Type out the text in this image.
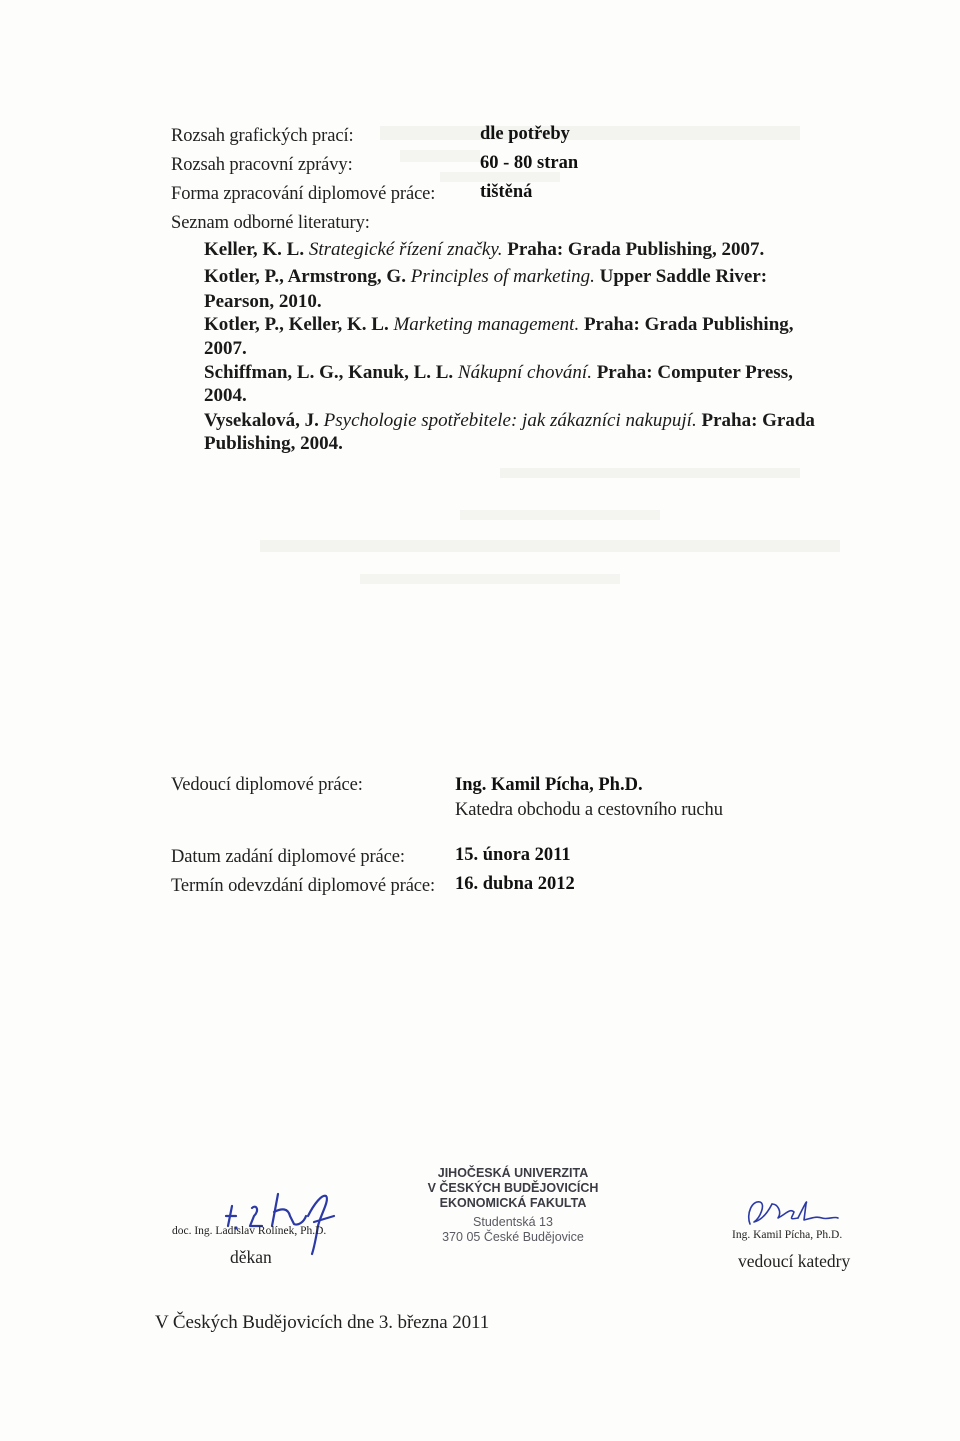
Rozsah grafických prací:	dle potřeby
Rozsah pracovní zprávy:	60 - 80 stran
Forma zpracování diplomové práce: tištěná
Seznam odborné literatury:
Keller, K. L. Strategické řízení značky. Praha: Grada Publishing, 2007.
Kotler, P., Armstrong, G. Principles of marketing. Upper Saddle River:
Pearson, 2010.
Kotler, P., Keller, K. L. Marketing management. Praha: Grada Publishing,
2007.
Schiffman, L. G., Kanuk, L. L. Nákupní chování. Praha: Computer Press,
2004.
Vysekalová, J. Psychologie spotřebitele: jak zákazníci nakupují. Praha: Grada
Publishing, 2004.
Vedoucí diplomové práce:	Ing. Kamil Pícha, Ph.D.
Katedra obchodu a cestovního ruchu
Datum zadání diplomové práce:	15. února 2011
Termín odevzdání diplomové práce: 16. dubna 2012
doc. Ing. Ladislav Rolínek, Ph.D.
děkan
JIHOČESKÁ UNIVERZITA
V ČESKÝCH BUDĚJOVICÍCH
EKONOMICKÁ FAKULTA
Studentská 13
370 05 České Budějovice	Ing. Kamil Pícha, Ph.D.
vedoucí katedry
V Českých Budějovicích dne 3. března 2011
